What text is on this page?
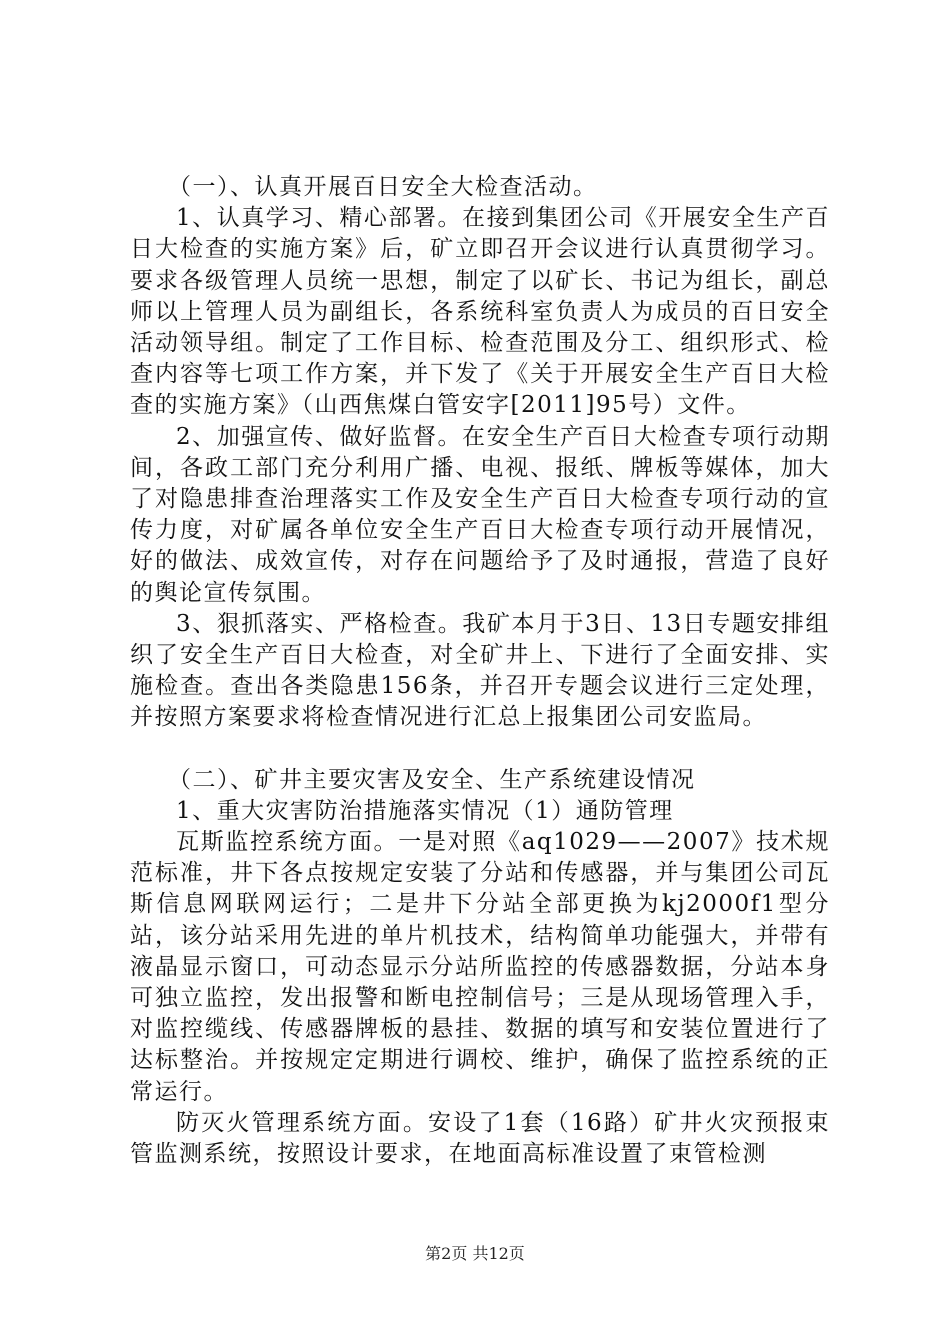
（一）、认真开展百日安全大检查活动。

1、认真学习、精心部署。在接到集团公司《开展安全生产百日大检查的实施方案》后，矿立即召开会议进行认真贯彻学习。要求各级管理人员统一思想，制定了以矿长、书记为组长，副总师以上管理人员为副组长，各系统科室负责人为成员的百日安全活动领导组。制定了工作目标、检查范围及分工、组织形式、检查内容等七项工作方案，并下发了《关于开展安全生产百日大检查的实施方案》（山西焦煤白管安字[2011]95号）文件。

2、加强宣传、做好监督。在安全生产百日大检查专项行动期间，各政工部门充分利用广播、电视、报纸、牌板等媒体，加大了对隐患排查治理落实工作及安全生产百日大检查专项行动的宣传力度，对矿属各单位安全生产百日大检查专项行动开展情况，好的做法、成效宣传，对存在问题给予了及时通报，营造了良好的舆论宣传氛围。

3、狠抓落实、严格检查。我矿本月于3日、13日专题安排组织了安全生产百日大检查，对全矿井上、下进行了全面安排、实施检查。查出各类隐患156条，并召开专题会议进行三定处理，并按照方案要求将检查情况进行汇总上报集团公司安监局。

（二）、矿井主要灾害及安全、生产系统建设情况

1、重大灾害防治措施落实情况（1）通防管理

瓦斯监控系统方面。一是对照《aq1029——2007》技术规范标准，井下各点按规定安装了分站和传感器，并与集团公司瓦斯信息网联网运行；二是井下分站全部更换为kj2000f1型分站，该分站采用先进的单片机技术，结构简单功能强大，并带有液晶显示窗口，可动态显示分站所监控的传感器数据，分站本身可独立监控，发出报警和断电控制信号；三是从现场管理入手，对监控缆线、传感器牌板的悬挂、数据的填写和安装位置进行了达标整治。并按规定定期进行调校、维护，确保了监控系统的正常运行。

防灭火管理系统方面。安设了1套（16路）矿井火灾预报束管监测系统，按照设计要求，在地面高标准设置了束管检测

第2页 共12页
